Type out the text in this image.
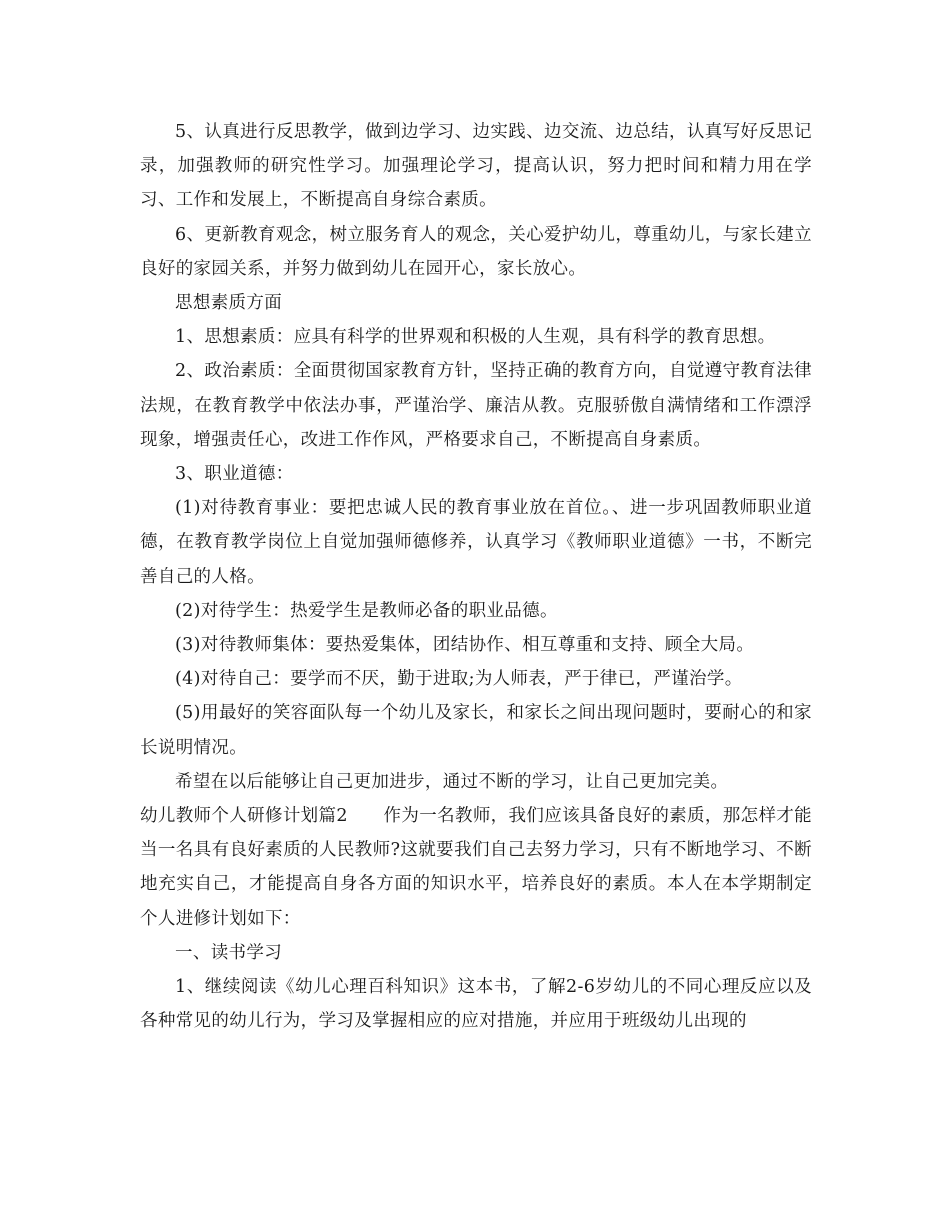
5、认真进行反思教学，做到边学习、边实践、边交流、边总结，认真写好反思记录，加强教师的研究性学习。加强理论学习，提高认识，努力把时间和精力用在学习、工作和发展上，不断提高自身综合素质。

6、更新教育观念，树立服务育人的观念，关心爱护幼儿，尊重幼儿，与家长建立良好的家园关系，并努力做到幼儿在园开心，家长放心。

思想素质方面

1、思想素质：应具有科学的世界观和积极的人生观，具有科学的教育思想。

2、政治素质：全面贯彻国家教育方针，坚持正确的教育方向，自觉遵守教育法律法规，在教育教学中依法办事，严谨治学、廉洁从教。克服骄傲自满情绪和工作漂浮现象，增强责任心，改进工作作风，严格要求自己，不断提高自身素质。

3、职业道德：

(1)对待教育事业：要把忠诚人民的教育事业放在首位。、进一步巩固教师职业道德，在教育教学岗位上自觉加强师德修养，认真学习《教师职业道德》一书，不断完善自己的人格。

(2)对待学生：热爱学生是教师必备的职业品德。

(3)对待教师集体：要热爱集体，团结协作、相互尊重和支持、顾全大局。

(4)对待自己：要学而不厌，勤于进取;为人师表，严于律已，严谨治学。

(5)用最好的笑容面队每一个幼儿及家长，和家长之间出现问题时，要耐心的和家长说明情况。

希望在以后能够让自己更加进步，通过不断的学习，让自己更加完美。

幼儿教师个人研修计划篇2　　作为一名教师，我们应该具备良好的素质，那怎样才能当一名具有良好素质的人民教师?这就要我们自己去努力学习，只有不断地学习、不断地充实自己，才能提高自身各方面的知识水平，培养良好的素质。本人在本学期制定个人进修计划如下：

一、读书学习

1、继续阅读《幼儿心理百科知识》这本书，了解2-6岁幼儿的不同心理反应以及各种常见的幼儿行为，学习及掌握相应的应对措施，并应用于班级幼儿出现的
